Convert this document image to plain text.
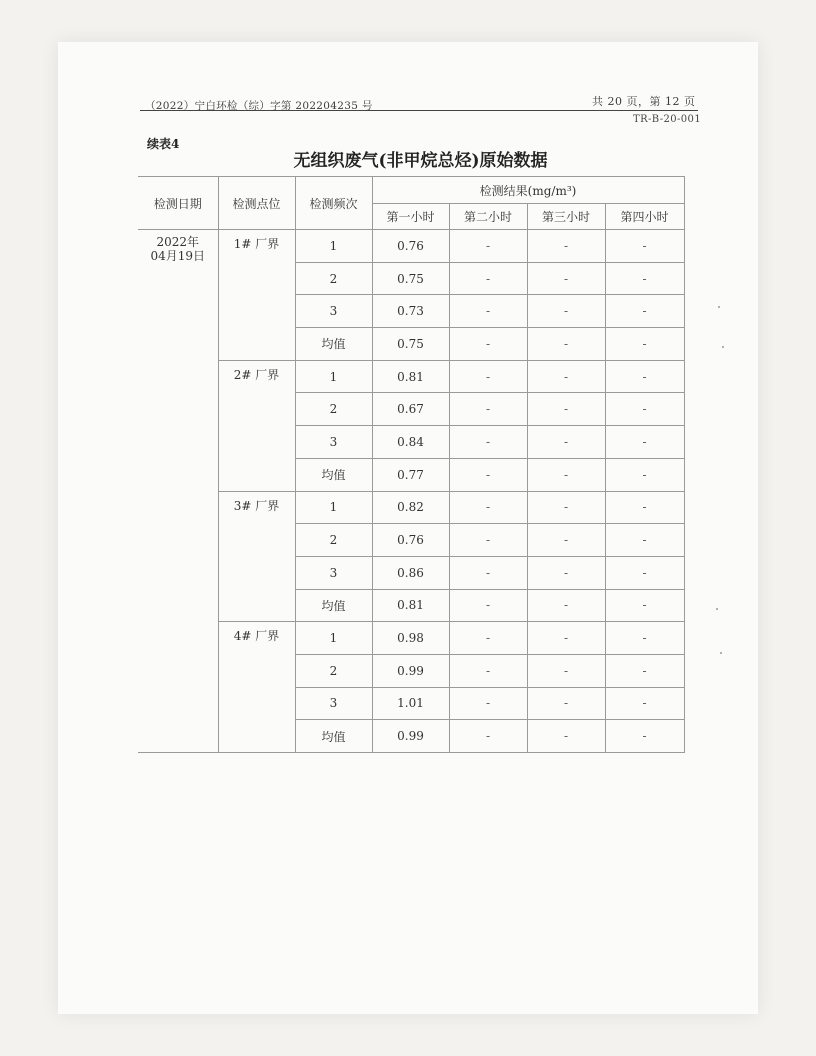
（2022）宁白环检（综）字第 202204235 号	共 20 页，第 12 页
TR-B-20-001
续表4
无组织废气(非甲烷总烃)原始数据
检测日期	检测点位	检测频次	检测结果(mg/m³)			
			第一小时	第二小时	第三小时	第四小时

2022年
04月19日	1# 厂界	1	0.76	-	-	-
		2	0.75	-	-	-
		3	0.73	-	-	-
		均值	0.75	-	-	-
	2# 厂界	1	0.81	-	-	-
		2	0.67	-	-	-
		3	0.84	-	-	-
		均值	0.77	-	-	-
	3# 厂界	1	0.82	-	-	-
		2	0.76	-	-	-
		3	0.86	-	-	-
		均值	0.81	-	-	-
	4# 厂界	1	0.98	-	-	-
		2	0.99	-	-	-
		3	1.01	-	-	-
		均值	0.99	-	-	-
